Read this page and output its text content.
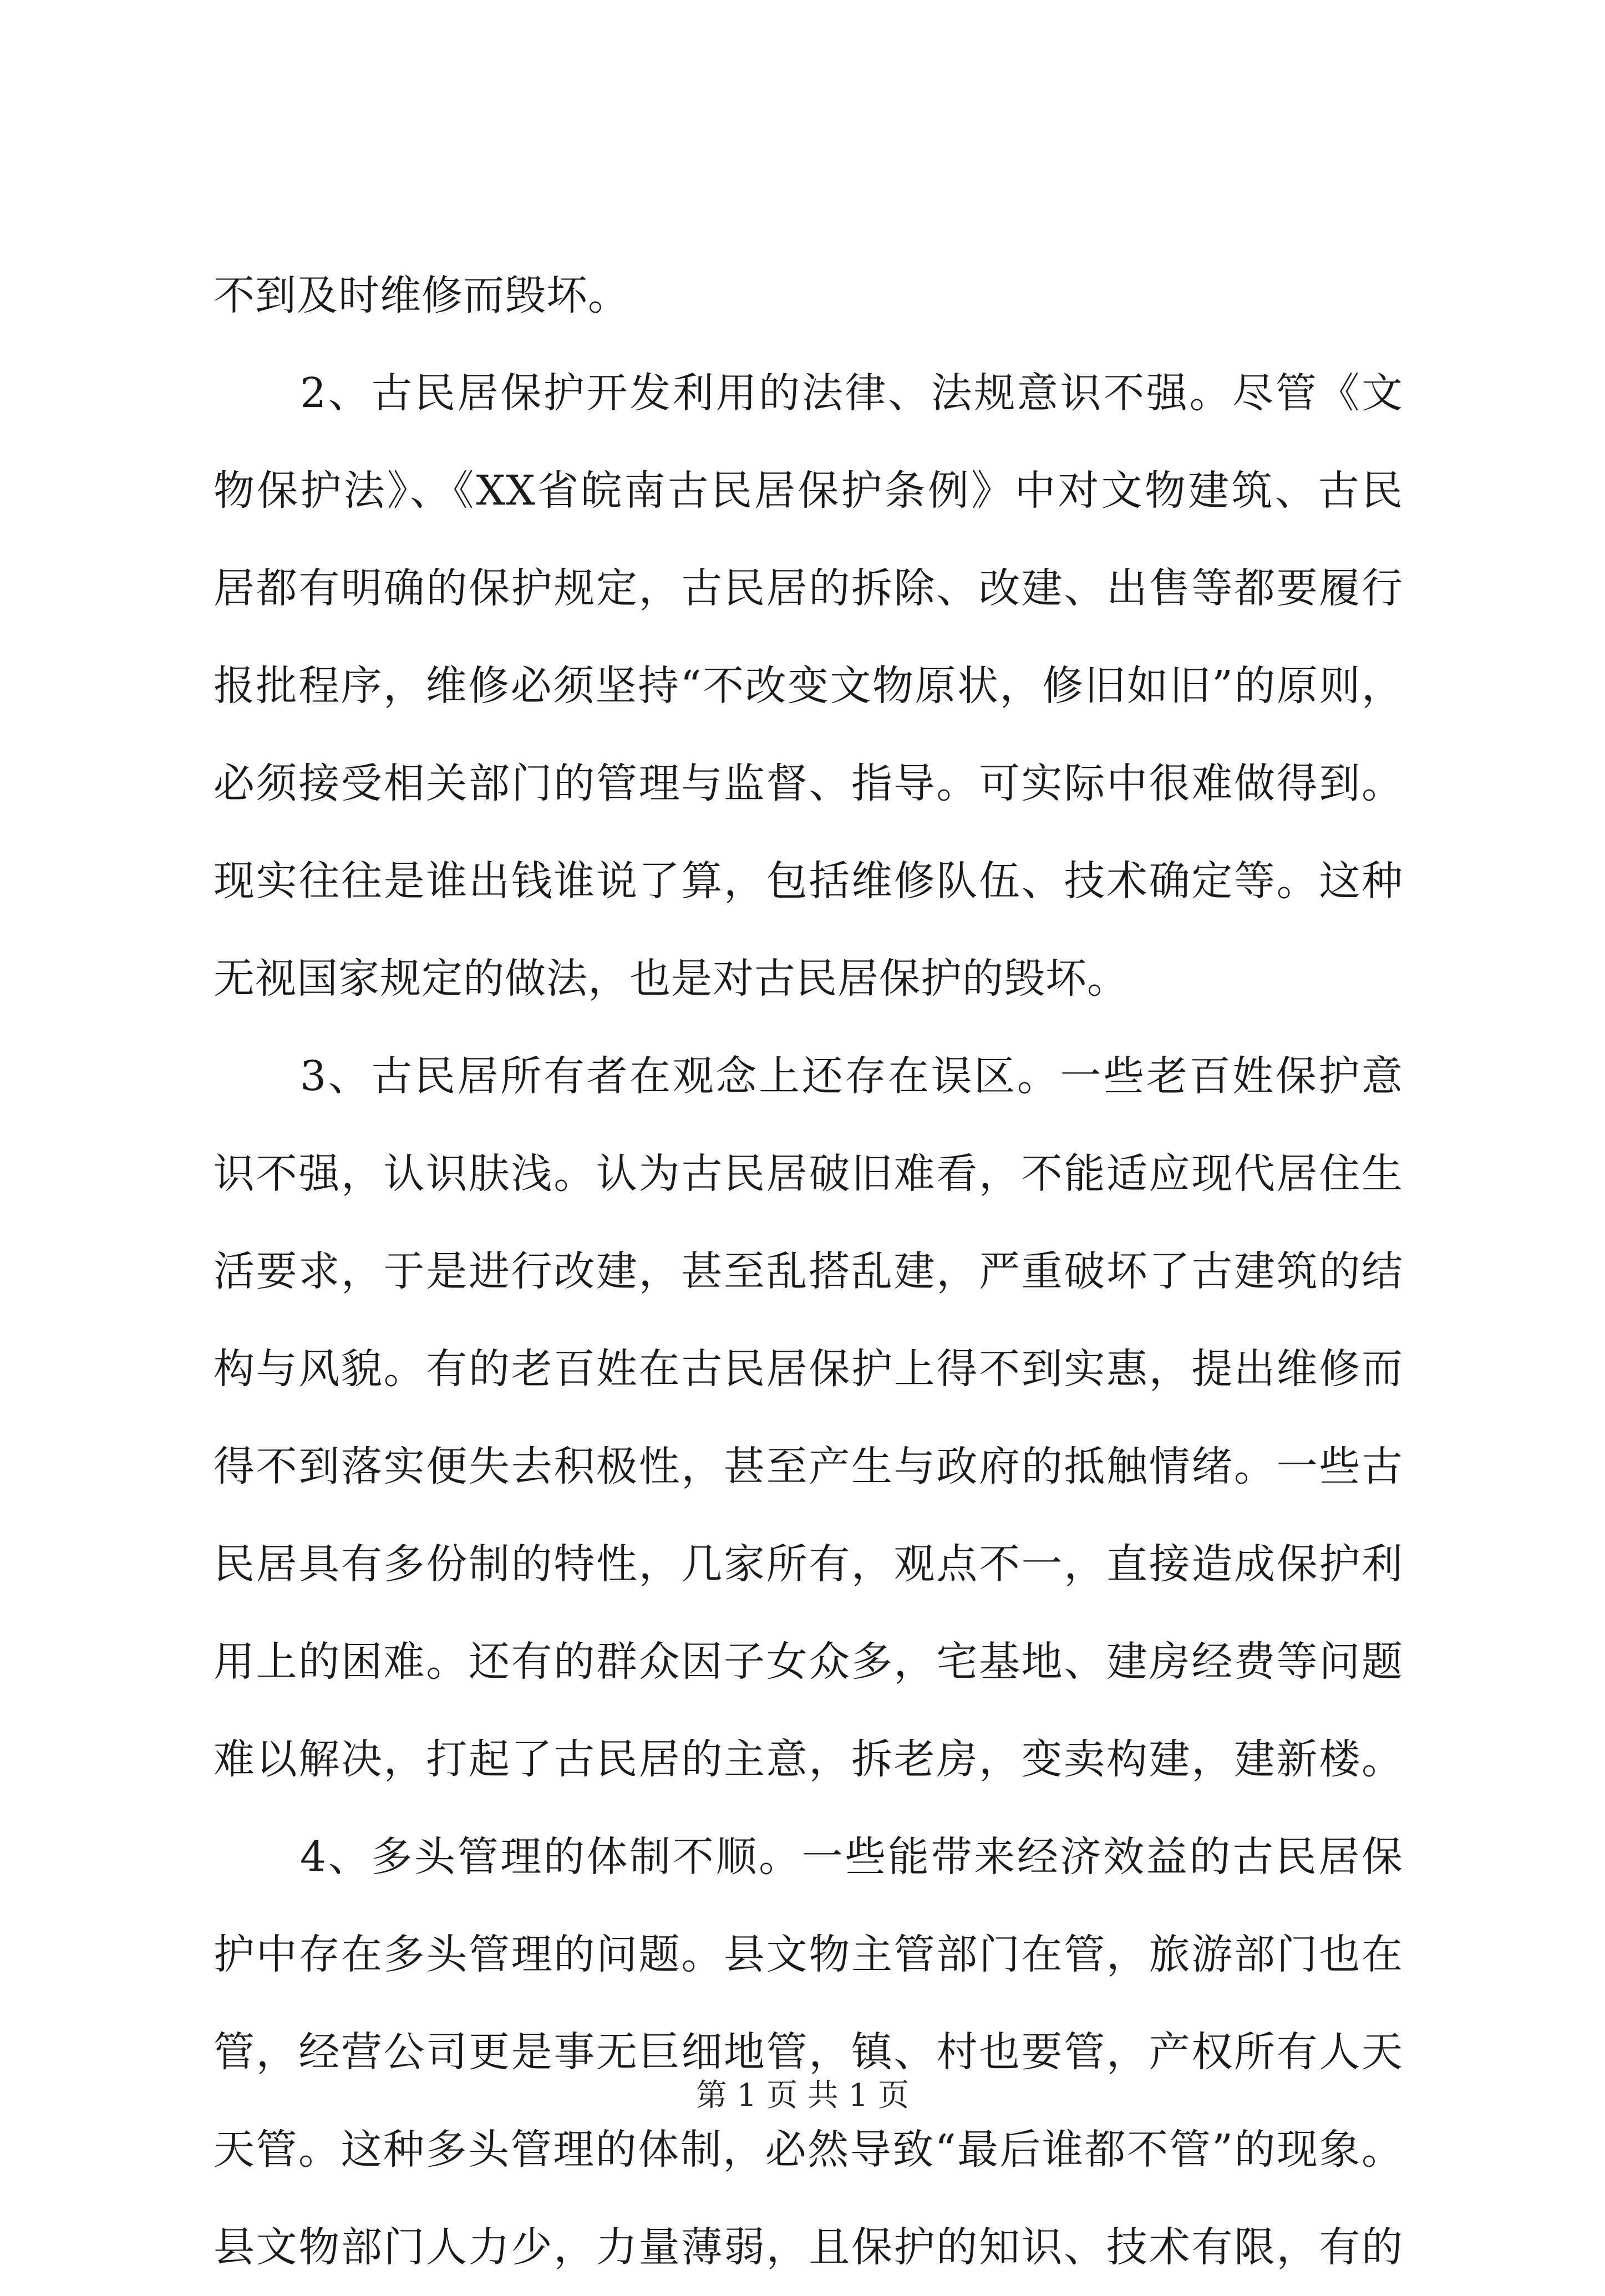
不到及时维修而毁坏。
2、古民居保护开发利用的法律、法规意识不强。尽管《文
物保护法》、《XX省皖南古民居保护条例》中对文物建筑、古民
居都有明确的保护规定，古民居的拆除、改建、出售等都要履行
报批程序，维修必须坚持“不改变文物原状，修旧如旧”的原则，
必须接受相关部门的管理与监督、指导。可实际中很难做得到。
现实往往是谁出钱谁说了算，包括维修队伍、技术确定等。这种
无视国家规定的做法，也是对古民居保护的毁坏。
3、古民居所有者在观念上还存在误区。一些老百姓保护意
识不强，认识肤浅。认为古民居破旧难看，不能适应现代居住生
活要求，于是进行改建，甚至乱搭乱建，严重破坏了古建筑的结
构与风貌。有的老百姓在古民居保护上得不到实惠，提出维修而
得不到落实便失去积极性，甚至产生与政府的抵触情绪。一些古
民居具有多份制的特性，几家所有，观点不一，直接造成保护利
用上的困难。还有的群众因子女众多，宅基地、建房经费等问题
难以解决，打起了古民居的主意，拆老房，变卖构建，建新楼。
4、多头管理的体制不顺。一些能带来经济效益的古民居保
护中存在多头管理的问题。县文物主管部门在管，旅游部门也在
管，经营公司更是事无巨细地管，镇、村也要管，产权所有人天
天管。这种多头管理的体制，必然导致“最后谁都不管”的现象。
县文物部门人力少，力量薄弱，且保护的知识、技术有限，有的
第 1 页 共 1 页
